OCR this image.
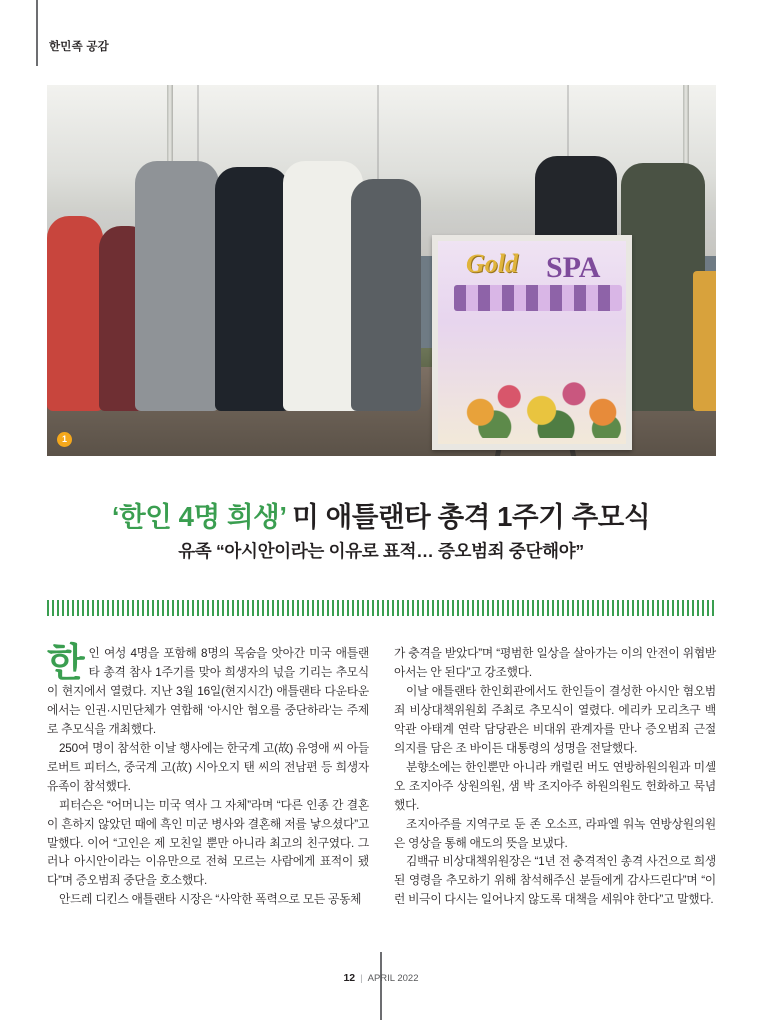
한민족 공감
Gold SPA
1
‘한인 4명 희생’ 미 애틀랜타 총격 1주기 추모식
유족 “아시안이라는 이유로 표적… 증오범죄 중단해야”

한인 여성 4명을 포함해 8명의 목숨을 앗아간 미국 애틀랜타 총격 참사 1주기를 맞아 희생자의 넋을 기리는 추모식이 현지에서 열렸다. 지난 3월 16일(현지시간) 애틀랜타 다운타운에서는 인권·시민단체가 연합해 ‘아시안 혐오를 중단하라’는 주제로 추모식을 개최했다.

250여 명이 참석한 이날 행사에는 한국계 고(故) 유영애 씨 아들 로버트 피터스, 중국계 고(故) 시아오지 탠 씨의 전남편 등 희생자 유족이 참석했다.

피터슨은 “어머니는 미국 역사 그 자체”라며 “다른 인종 간 결혼이 흔하지 않았던 때에 흑인 미군 병사와 결혼해 저를 낳으셨다”고 말했다. 이어 “고인은 제 모친일 뿐만 아니라 최고의 친구였다. 그러나 아시안이라는 이유만으로 전혀 모르는 사람에게 표적이 됐다”며 증오범죄 중단을 호소했다.

안드레 디킨스 애틀랜타 시장은 “사악한 폭력으로 모든 공동체

가 충격을 받았다”며 “평범한 일상을 살아가는 이의 안전이 위협받아서는 안 된다”고 강조했다.

이날 애틀랜타 한인회관에서도 한인들이 결성한 아시안 혐오범죄 비상대책위원회 주최로 추모식이 열렸다. 에리카 모리츠구 백악관 아태계 연락 담당관은 비대위 관계자를 만나 증오범죄 근절 의지를 담은 조 바이든 대통령의 성명을 전달했다.

분향소에는 한인뿐만 아니라 캐럴린 버도 연방하원의원과 미셸 오 조지아주 상원의원, 샘 박 조지아주 하원의원도 헌화하고 묵념했다.

조지아주를 지역구로 둔 존 오소프, 라파엘 워녹 연방상원의원은 영상을 통해 애도의 뜻을 보냈다.

김백규 비상대책위원장은 “1년 전 충격적인 총격 사건으로 희생된 영령을 추모하기 위해 참석해주신 분들에게 감사드린다”며 “이런 비극이 다시는 일어나지 않도록 대책을 세워야 한다”고 말했다.

12 | APRIL 2022
